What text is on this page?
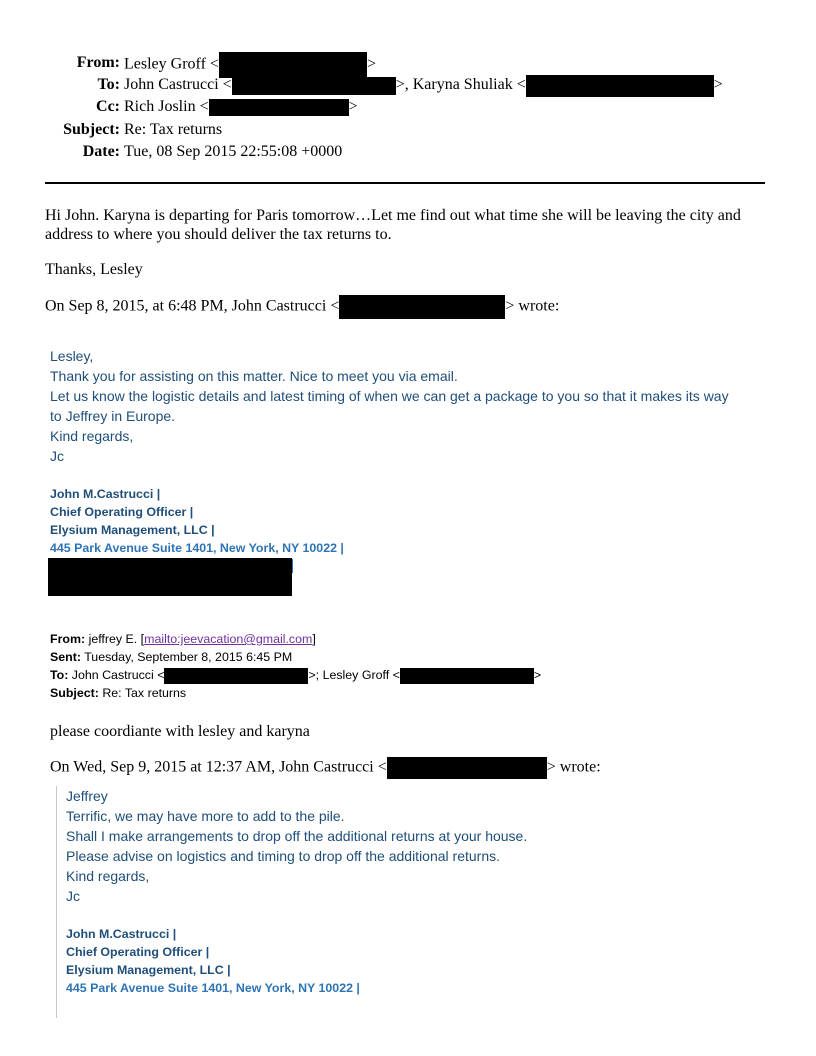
From: Lesley Groff <	>
To: John Castrucci <	>, Karyna Shuliak <	>
Cc: Rich Joslin <	>
Subject: Re: Tax returns
Date: Tue, 08 Sep 2015 22:55:08 +0000
Hi John. Karyna is departing for Paris tomorrow…Let me find out what time she will be leaving the city and
address to where you should deliver the tax returns to.
Thanks, Lesley
On Sep 8, 2015, at 6:48 PM, John Castrucci <	> wrote:
Lesley,
Thank you for assisting on this matter. Nice to meet you via email.
Let us know the logistic details and latest timing of when we can get a package to you so that it makes its way
to Jeffrey in Europe.
Kind regards,
Jc
John M.Castrucci |
Chief Operating Officer |
Elysium Management, LLC |
445 Park Avenue Suite 1401, New York, NY 10022 |
From: jeffrey E. [mailto:jeevacation@gmail.com]
Sent: Tuesday, September 8, 2015 6:45 PM
To: John Castrucci <	>; Lesley Groff <	>
Subject: Re: Tax returns
please coordiante with lesley and karyna
On Wed, Sep 9, 2015 at 12:37 AM, John Castrucci <	> wrote:
Jeffrey
Terrific, we may have more to add to the pile.
Shall I make arrangements to drop off the additional returns at your house.
Please advise on logistics and timing to drop off the additional returns.
Kind regards,
Jc
John M.Castrucci |
Chief Operating Officer |
Elysium Management, LLC |
445 Park Avenue Suite 1401, New York, NY 10022 |
